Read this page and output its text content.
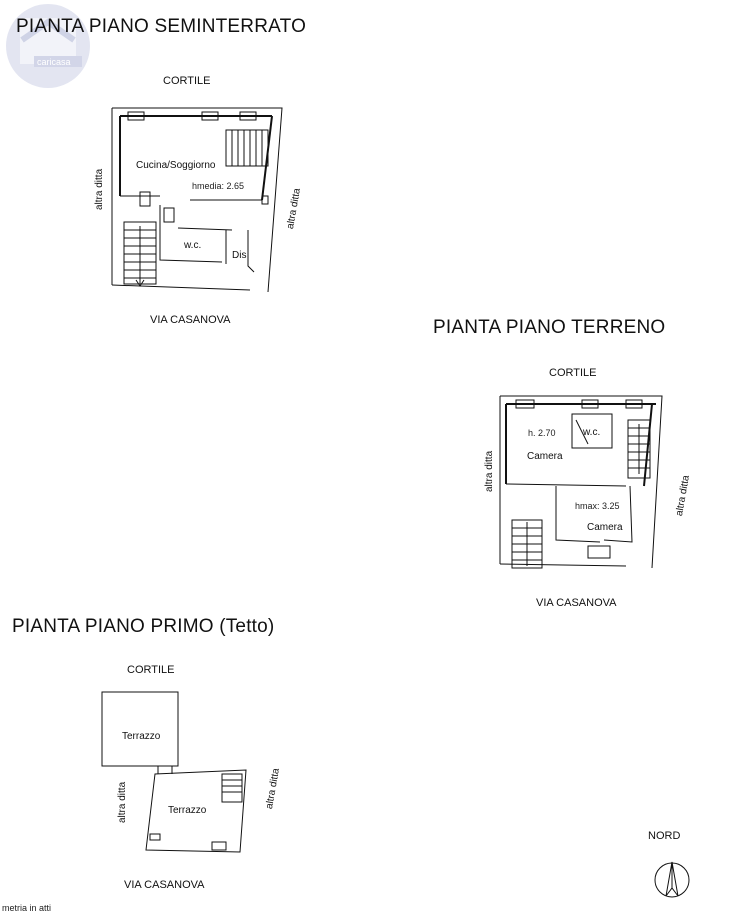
caricasa
PIANTA PIANO SEMINTERRATO
CORTILE
VIA CASANOVA
altra ditta	altra ditta
Cucina/Soggiorno
hmedia: 2.65
w.c.
Dis
PIANTA PIANO TERRENO
CORTILE
VIA CASANOVA
altra ditta
altra ditta
h. 2.70	w.c.
Camera
hmax: 3.25
Camera
PIANTA PIANO PRIMO (Tetto)
CORTILE
VIA CASANOVA
altra ditta	altra ditta
Terrazzo
Terrazzo
NORD
metria in atti
